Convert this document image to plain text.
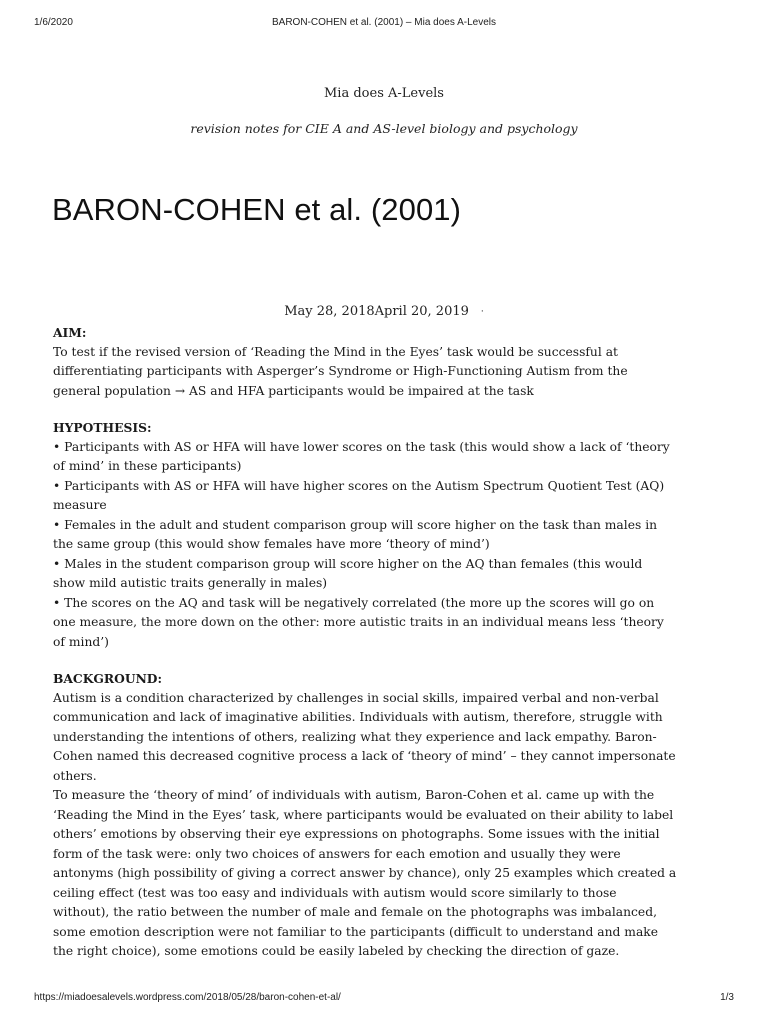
1/6/2020	BARON-COHEN et al. (2001) – Mia does A-Levels
Mia does A-Levels
revision notes for CIE A and AS-level biology and psychology
BARON-COHEN et al. (2001)
May 28, 2018April 20, 2019 ·

AIM:

To test if the revised version of ‘Reading the Mind in the Eyes’ task would be successful at

differentiating participants with Asperger’s Syndrome or High-Functioning Autism from the

general population → AS and HFA participants would be impaired at the task

HYPOTHESIS:

• Participants with AS or HFA will have lower scores on the task (this would show a lack of ‘theory

of mind’ in these participants)

• Participants with AS or HFA will have higher scores on the Autism Spectrum Quotient Test (AQ)

measure

• Females in the adult and student comparison group will score higher on the task than males in

the same group (this would show females have more ‘theory of mind’)

• Males in the student comparison group will score higher on the AQ than females (this would

show mild autistic traits generally in males)

• The scores on the AQ and task will be negatively correlated (the more up the scores will go on

one measure, the more down on the other: more autistic traits in an individual means less ‘theory

of mind’)

BACKGROUND:

Autism is a condition characterized by challenges in social skills, impaired verbal and non-verbal

communication and lack of imaginative abilities. Individuals with autism, therefore, struggle with

understanding the intentions of others, realizing what they experience and lack empathy. Baron-

Cohen named this decreased cognitive process a lack of ‘theory of mind’ – they cannot impersonate

others.

To measure the ‘theory of mind’ of individuals with autism, Baron-Cohen et al. came up with the

‘Reading the Mind in the Eyes’ task, where participants would be evaluated on their ability to label

others’ emotions by observing their eye expressions on photographs. Some issues with the initial

form of the task were: only two choices of answers for each emotion and usually they were

antonyms (high possibility of giving a correct answer by chance), only 25 examples which created a

ceiling effect (test was too easy and individuals with autism would score similarly to those

without), the ratio between the number of male and female on the photographs was imbalanced,

some emotion description were not familiar to the participants (difficult to understand and make

the right choice), some emotions could be easily labeled by checking the direction of gaze.

https://miadoesalevels.wordpress.com/2018/05/28/baron-cohen-et-al/	1/3
